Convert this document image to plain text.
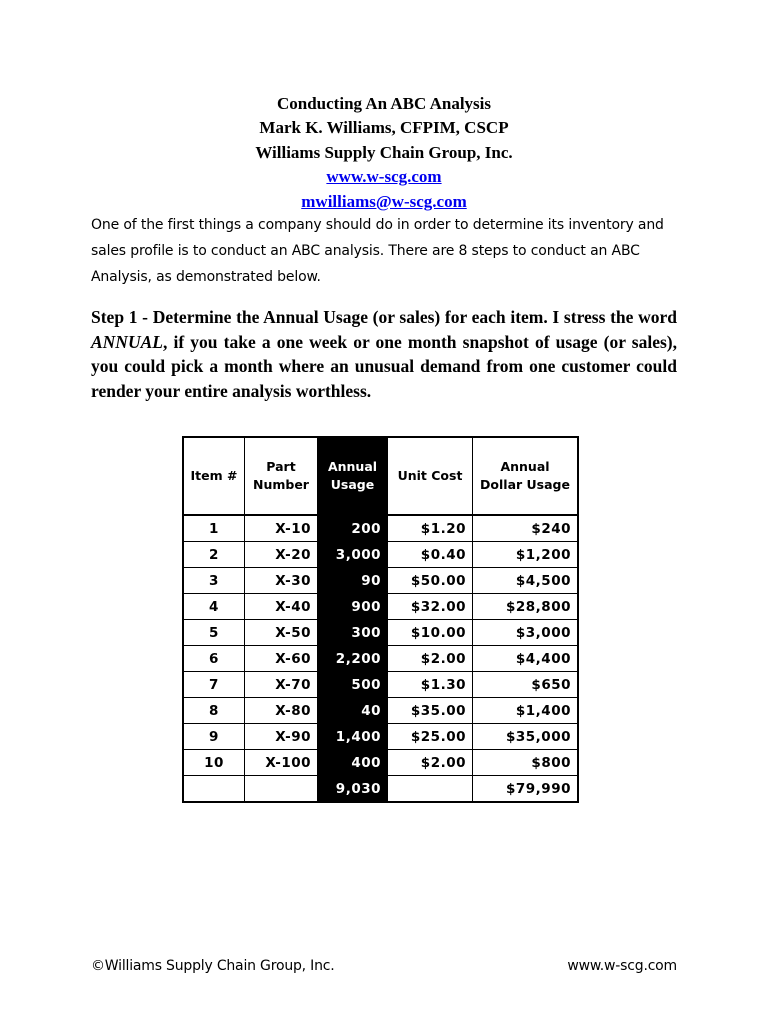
Conducting An ABC Analysis
Mark K. Williams, CFPIM, CSCP
Williams Supply Chain Group, Inc.
www.w-scg.com
mwilliams@w-scg.com

One of the first things a company should do in order to determine its inventory and sales profile is to conduct an ABC analysis. There are 8 steps to conduct an ABC Analysis, as demonstrated below.

Step 1 - Determine the Annual Usage (or sales) for each item. I stress the word ANNUAL, if you take a one week or one month snapshot of usage (or sales), you could pick a month where an unusual demand from one customer could render your entire analysis worthless.

Item #	Part Number	Annual Usage	Unit Cost	Annual Dollar Usage
1	X-10	200	$1.20	$240
2	X-20	3,000	$0.40	$1,200
3	X-30	90	$50.00	$4,500
4	X-40	900	$32.00	$28,800
5	X-50	300	$10.00	$3,000
6	X-60	2,200	$2.00	$4,400
7	X-70	500	$1.30	$650
8	X-80	40	$35.00	$1,400
9	X-90	1,400	$25.00	$35,000
10	X-100	400	$2.00	$800
		9,030		$79,990
©Williams Supply Chain Group, Inc.	www.w-scg.com
